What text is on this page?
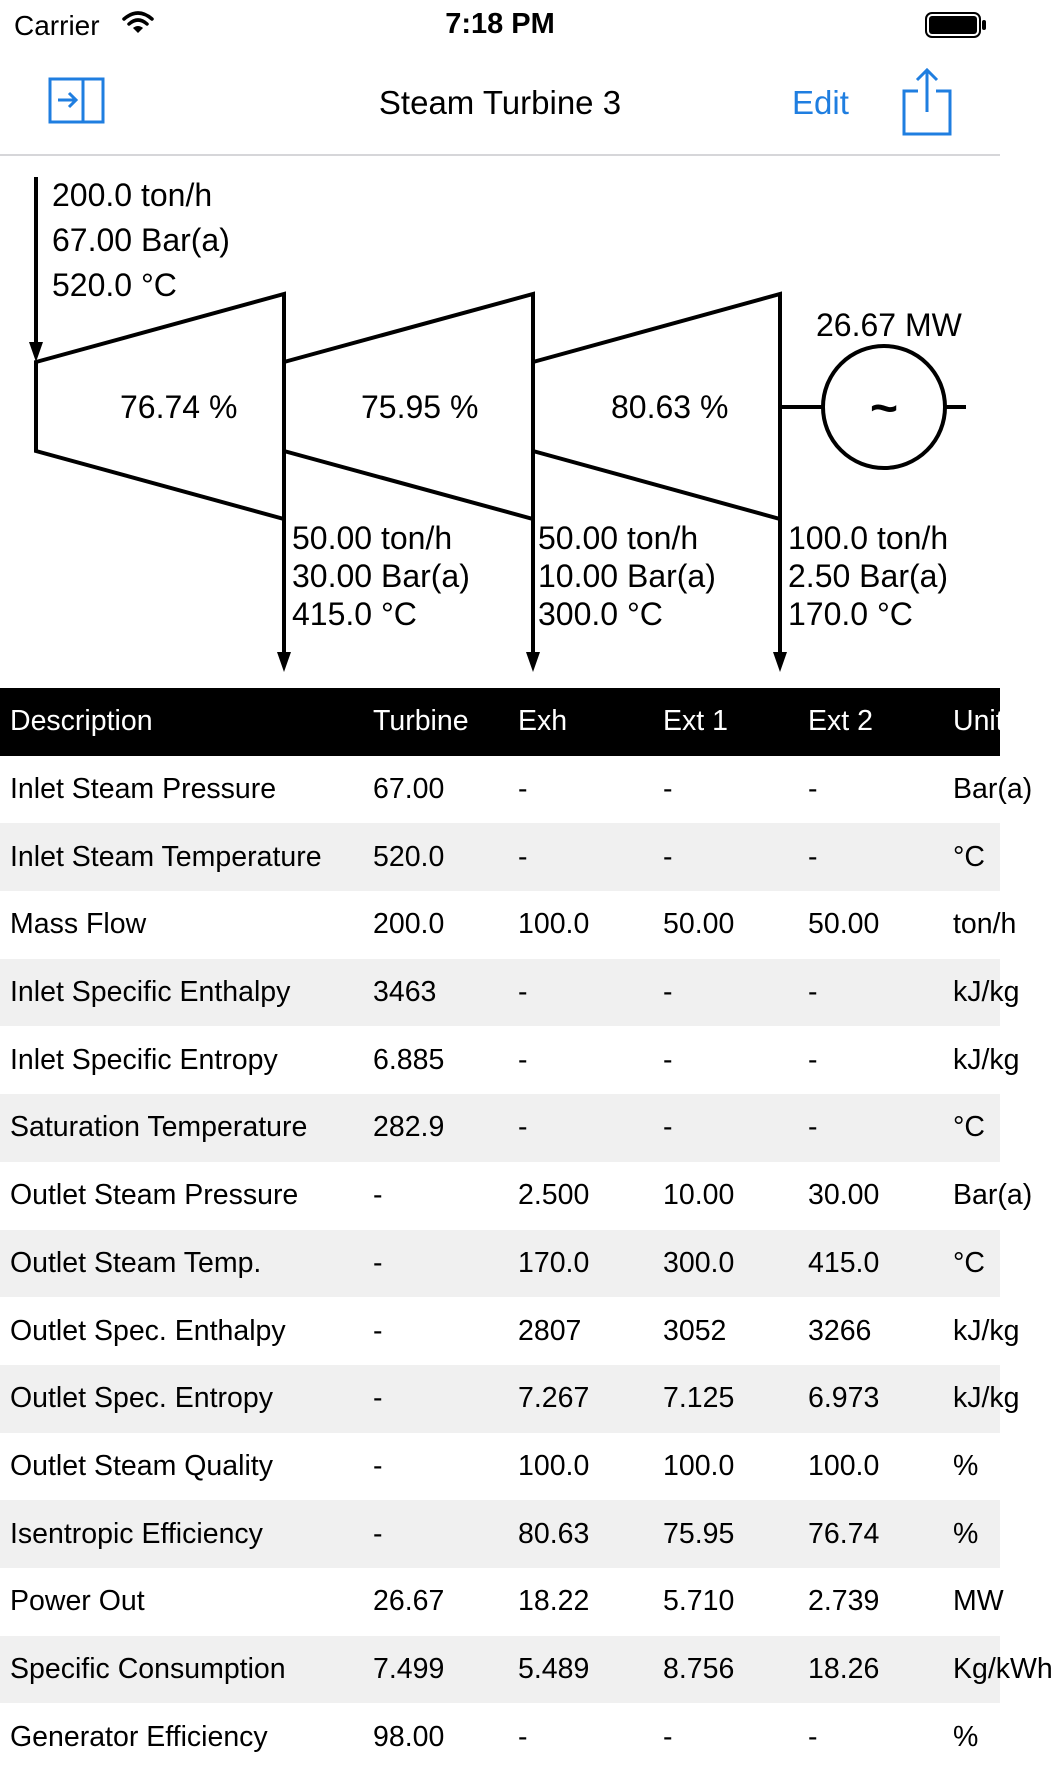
Carrier	7:18 PM
Steam Turbine 3	Edit
200.0 ton/h
67.00 Bar(a)
520.0 °C
76.74 %	75.95 %	80.63 %	~
26.67 MW
50.00 ton/h
30.00 Bar(a)
415.0 °C
50.00 ton/h
10.00 Bar(a)
300.0 °C
100.0 ton/h
2.50 Bar(a)
170.0 °C
Description	Turbine	Exh	Ext 1	Ext 2	Unit
Inlet Steam Pressure	67.00	-	-	-	Bar(a)
Inlet Steam Temperature	520.0	-	-	-	°C
Mass Flow	200.0	100.0	50.00	50.00	ton/h
Inlet Specific Enthalpy	3463	-	-	-	kJ/kg
Inlet Specific Entropy	6.885	-	-	-	kJ/kg
Saturation Temperature	282.9	-	-	-	°C
Outlet Steam Pressure	-	2.500	10.00	30.00	Bar(a)
Outlet Steam Temp.	-	170.0	300.0	415.0	°C
Outlet Spec. Enthalpy	-	2807	3052	3266	kJ/kg
Outlet Spec. Entropy	-	7.267	7.125	6.973	kJ/kg
Outlet Steam Quality	-	100.0	100.0	100.0	%
Isentropic Efficiency	-	80.63	75.95	76.74	%
Power Out	26.67	18.22	5.710	2.739	MW
Specific Consumption	7.499	5.489	8.756	18.26	Kg/kWh
Generator Efficiency	98.00	-	-	-	%
